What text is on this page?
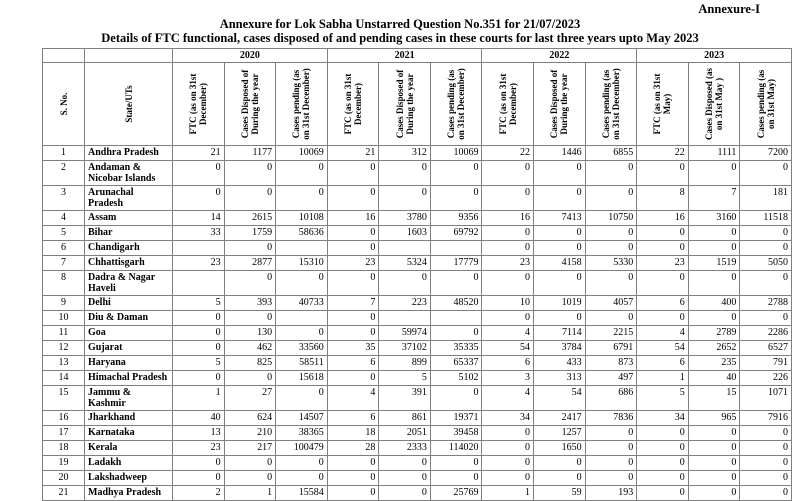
Annexure-I
Annexure for Lok Sabha Unstarred Question No.351 for 21/07/2023
Details of FTC functional, cases disposed of and pending cases in these courts for last three years upto May 2023
		2020			2021			2022			2023		

S. No.	State/UTs	FTC (as on 31st December)	Cases Disposed of During the year	Cases pending (as on 31st December)	FTC (as on 31st December)	Cases Disposed of During the year	Cases pending (as on 31st December)	FTC (as on 31st December)	Cases Disposed of During the year	Cases pending (as on 31st December)	FTC (as on 31st May)	Cases Disposed (as on 31st May )	Cases pending (as on 31st May)

1	Andhra Pradesh	21	1177	10069	21	312	10069	22	1446	6855	22	1111	7200
2	Andaman & Nicobar Islands	0	0	0	0	0	0	0	0	0	0	0	0
3	Arunachal Pradesh	0	0	0	0	0	0	0	0	0	8	7	181
4	Assam	14	2615	10108	16	3780	9356	16	7413	10750	16	3160	11518
5	Bihar	33	1759	58636	0	1603	69792	0	0	0	0	0	0
6	Chandigarh		0		0			0	0	0	0	0	0
7	Chhattisgarh	23	2877	15310	23	5324	17779	23	4158	5330	23	1519	5050
8	Dadra & Nagar Haveli		0	0	0	0	0	0	0	0	0	0	0
9	Delhi	5	393	40733	7	223	48520	10	1019	4057	6	400	2788
10	Diu & Daman	0	0		0			0	0	0	0	0	0
11	Goa	0	130	0	0	59974	0	4	7114	2215	4	2789	2286
12	Gujarat	0	462	33560	35	37102	35335	54	3784	6791	54	2652	6527
13	Haryana	5	825	58511	6	899	65337	6	433	873	6	235	791
14	Himachal Pradesh	0	0	15618	0	5	5102	3	313	497	1	40	226
15	Jammu & Kashmir	1	27	0	4	391	0	4	54	686	5	15	1071
16	Jharkhand	40	624	14507	6	861	19371	34	2417	7836	34	965	7916
17	Karnataka	13	210	38365	18	2051	39458	0	1257	0	0	0	0
18	Kerala	23	217	100479	28	2333	114020	0	1650	0	0	0	0
19	Ladakh	0	0	0	0	0	0	0	0	0	0	0	0
20	Lakshadweep	0	0	0	0	0	0	0	0	0	0	0	0
21	Madhya Pradesh	2	1	15584	0	0	25769	1	59	193	0	0	0
